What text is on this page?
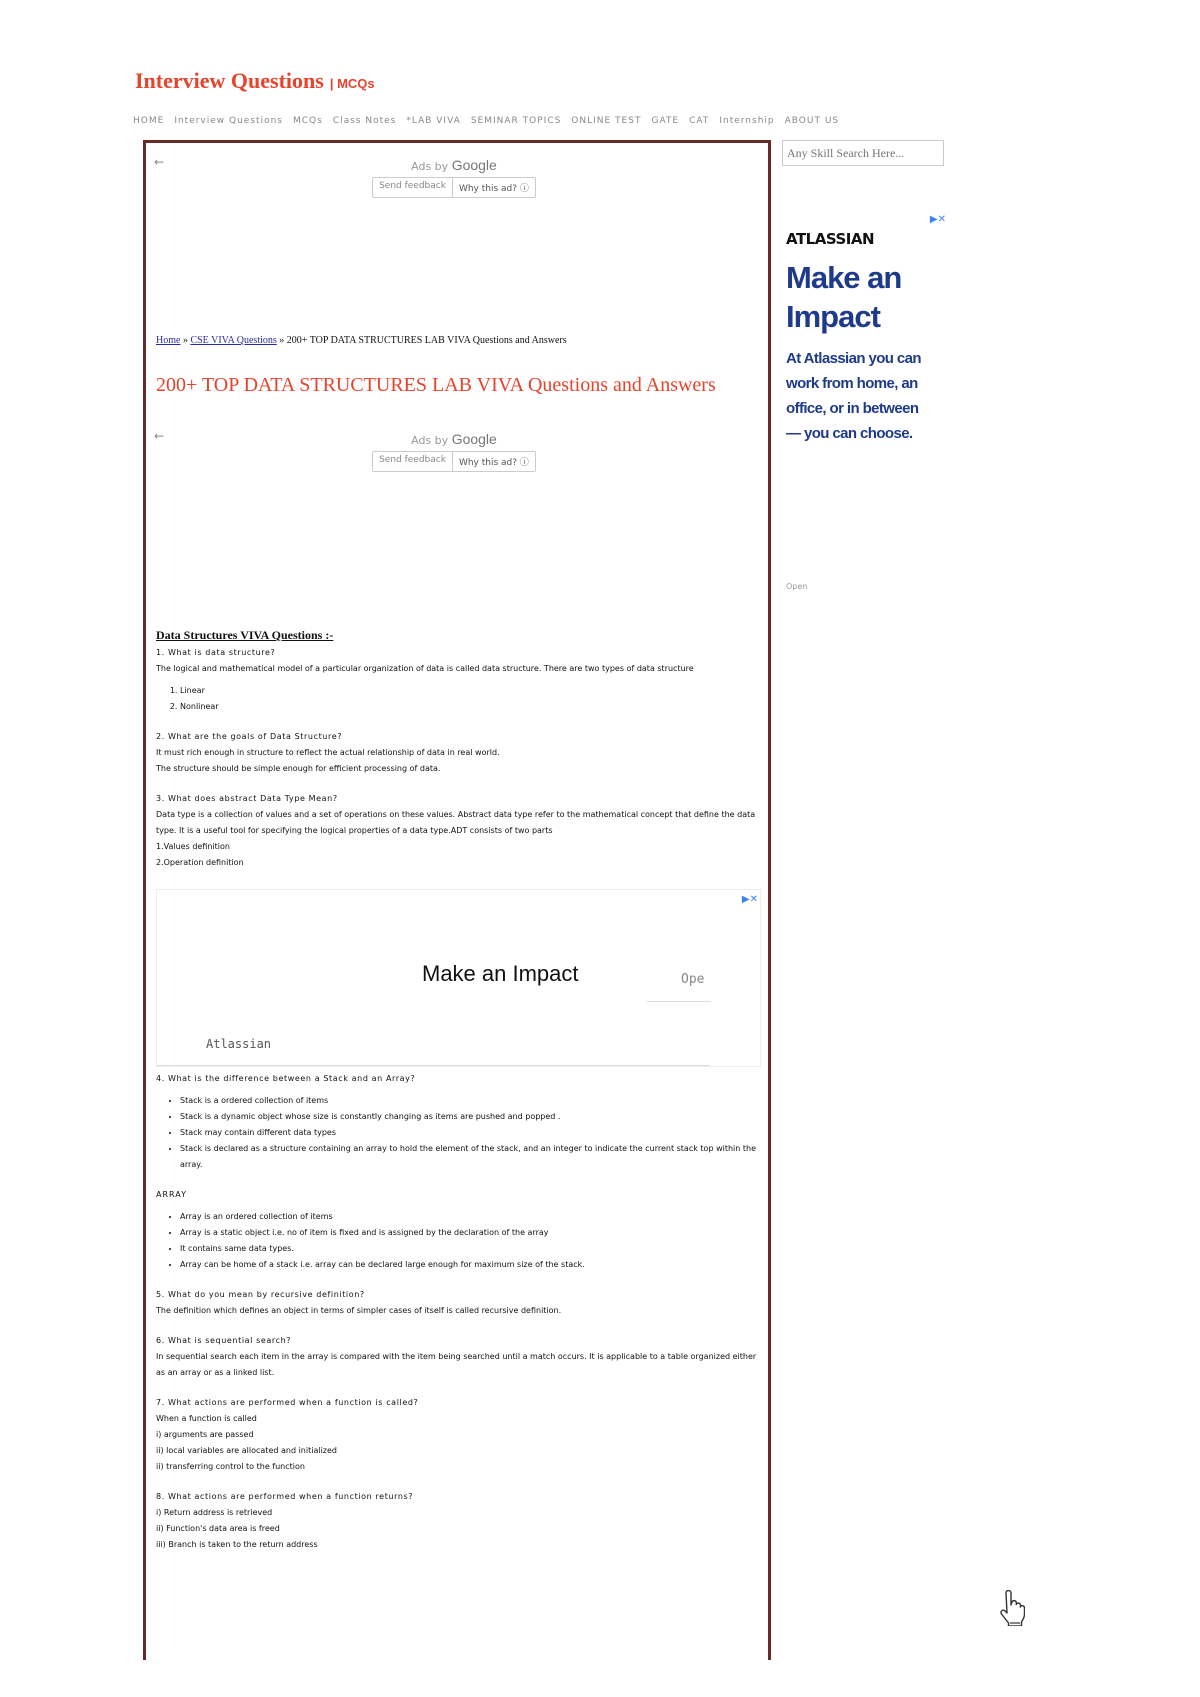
Interview Questions | MCQs
HOME Interview Questions MCQs Class Notes *LAB VIVA SEMINAR TOPICS ONLINE TEST GATE CAT Internship ABOUT US
←	Ads by Google
Send feedback	Why this ad? ⓘ
Home » CSE VIVA Questions » 200+ TOP DATA STRUCTURES LAB VIVA Questions and Answers
200+ TOP DATA STRUCTURES LAB VIVA Questions and Answers
←	Ads by Google
Send feedback	Why this ad? ⓘ
Data Structures VIVA Questions :-
1. What is data structure?

The logical and mathematical model of a particular organization of data is called data structure. There are two types of data structure

1. Linear
2. Nonlinear
2. What are the goals of Data Structure?

It must rich enough in structure to reflect the actual relationship of data in real world.

The structure should be simple enough for efficient processing of data.

3. What does abstract Data Type Mean?

Data type is a collection of values and a set of operations on these values. Abstract data type refer to the mathematical concept that define the data type. It is a useful tool for specifying the logical properties of a data type.ADT consists of two parts

1.Values definition

2.Operation definition

▶✕
Make an Impact	Ope
Atlassian
4. What is the difference between a Stack and an Array?
• Stack is a ordered collection of items
• Stack is a dynamic object whose size is constantly changing as items are pushed and popped .
• Stack may contain different data types
• Stack is declared as a structure containing an array to hold the element of the stack, and an integer to indicate the current stack top within the array.
ARRAY
• Array is an ordered collection of items
• Array is a static object i.e. no of item is fixed and is assigned by the declaration of the array
• It contains same data types.
• Array can be home of a stack i.e. array can be declared large enough for maximum size of the stack.
5. What do you mean by recursive definition?

The definition which defines an object in terms of simpler cases of itself is called recursive definition.

6. What is sequential search?

In sequential search each item in the array is compared with the item being searched until a match occurs. It is applicable to a table organized either as an array or as a linked list.

7. What actions are performed when a function is called?

When a function is called

i) arguments are passed

ii) local variables are allocated and initialized

ii) transferring control to the function

8. What actions are performed when a function returns?

i) Return address is retrieved

ii) Function's data area is freed

iii) Branch is taken to the return address

Any Skill Search Here...
▶✕
ATLASSIAN
Make an Impact
At Atlassian you can work from home, an office, or in between — you can choose.
Open
